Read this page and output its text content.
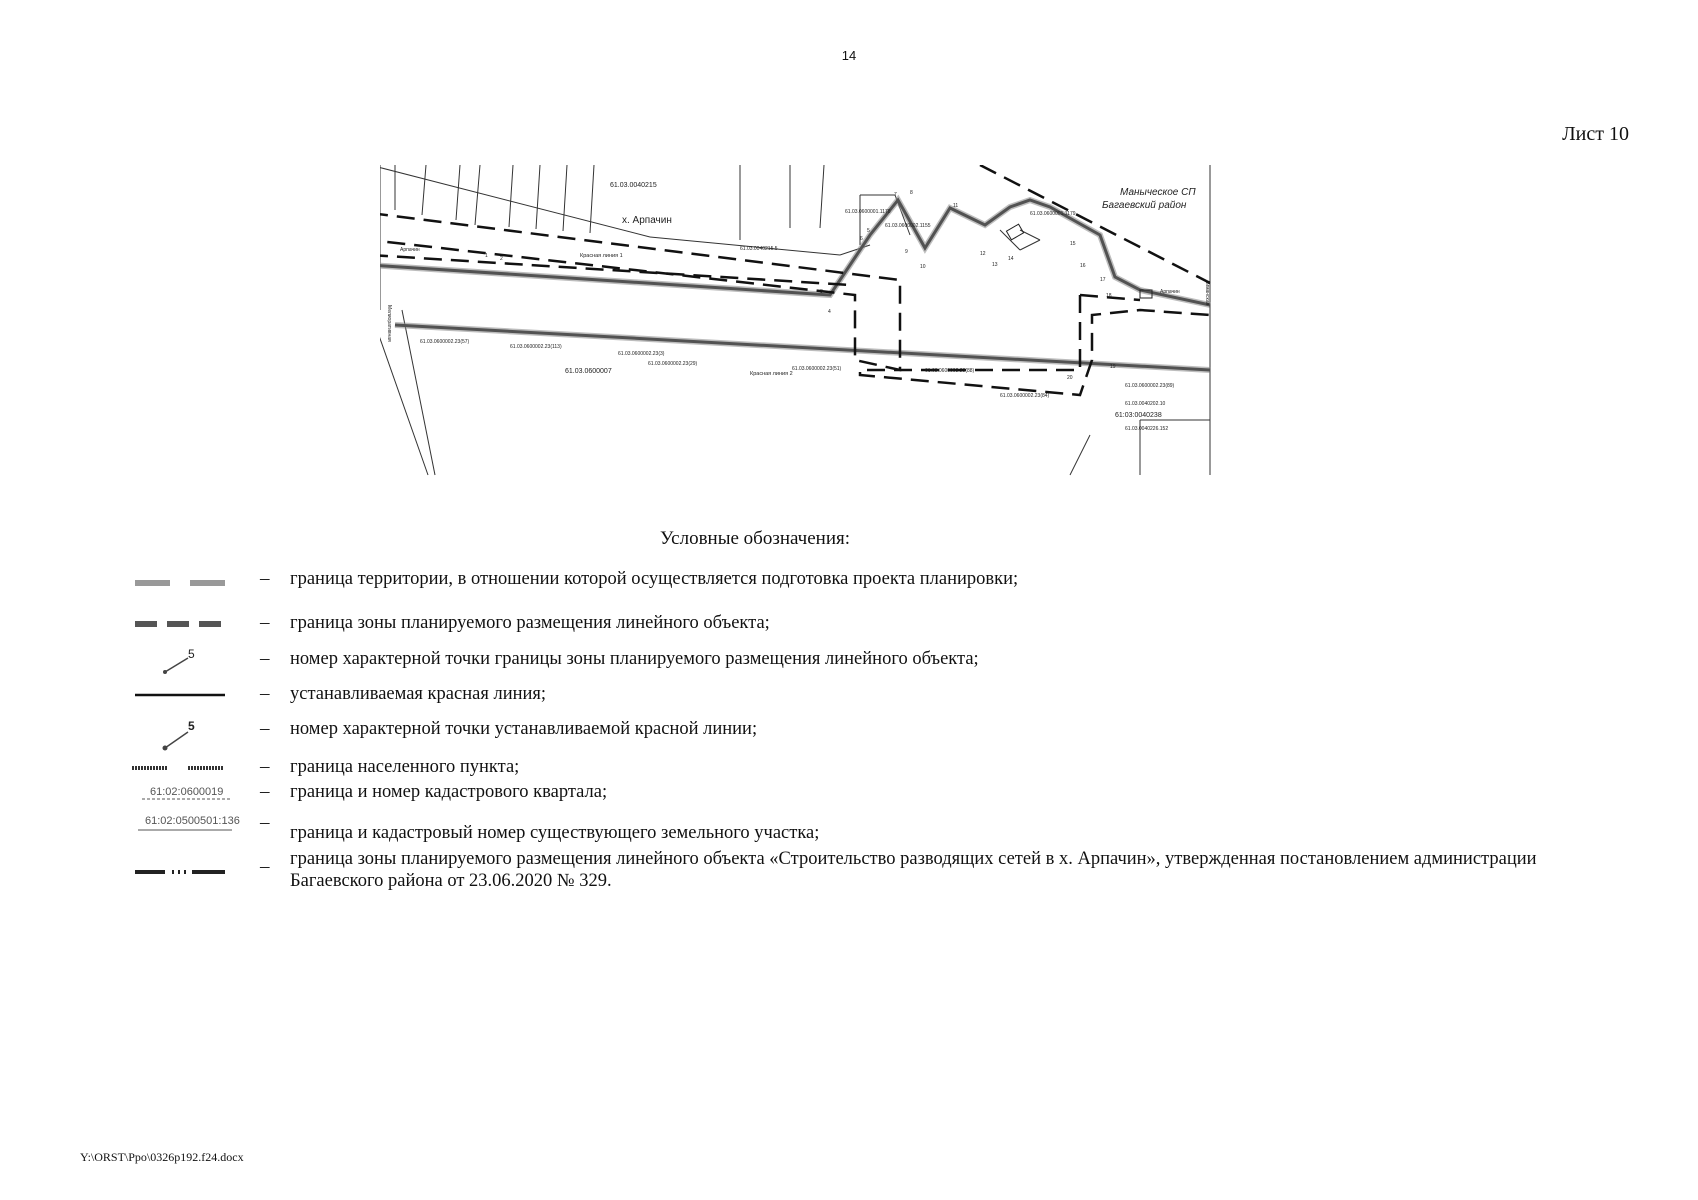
14
Лист 10
х. Арпачин
Маныческое СП
Багаевский район
61.03.0600007
61.03.0040215
61:03:0040238
Красная линия 1
Красная линия 2
Мелиоративная
Лиманская
Арпачин
Арпачин
61.03.0600002.23(57)
61.03.0600002.23(113)
61.03.0600002.23(3)
61.03.0600002.23(29)
61.03.0600002.23(51)	61.03.0600002.23(88)
61.03.0600002.23(84)
61.03.0600002.23(89)
61.03.0040202.10
61.03.0040226.152
61.03.0040215.5
61.03.0600002.1155
61.03.0600001.1178	61.03.0600001.1179
1 2
3
4
5
6
7	8
9
10
11
12
13
14
15
16
17
18
19
20
Условные обозначения:
– граница территории, в отношении которой осуществляется подготовка проекта планировки;
– граница зоны планируемого размещения линейного объекта;
5	– номер характерной точки границы зоны планируемого размещения линейного объекта;
– устанавливаемая красная линия;
5	– номер характерной точки устанавливаемой красной линии;
– граница населенного пункта;
61:02:0600019 – граница и номер кадастрового квартала;
61:02:0500501:136 – граница и кадастровый номер существующего земельного участка;
– граница зоны планируемого размещения линейного объекта «Строительство разводящих сетей в х. Арпачин», утвержденная постановлением администрации Багаевского района от 23.06.2020 № 329.
Y:\ORST\Ppo\0326p192.f24.docx
